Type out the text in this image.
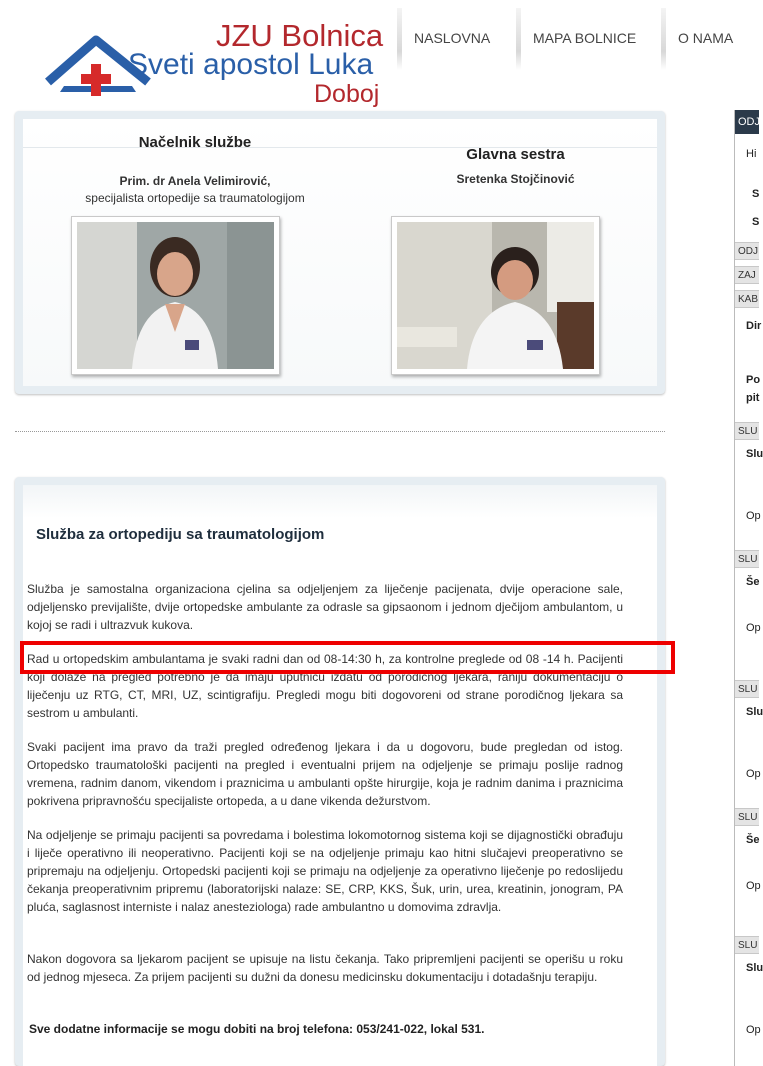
JZU Bolnica
Sveti apostol Luka
Doboj
NASLOVNA	MAPA BOLNICE	O NAMA
Načelnik službe
Prim. dr Anela Velimirović,
specijalista ortopedije sa traumatologijom
Glavna sestra
Sretenka Stojčinović
Služba za ortopediju sa traumatologijom
Služba je samostalna organizaciona cjelina sa odjeljenjem za liječenje pacijenata, dvije operacione sale, odjeljensko previjalište, dvije ortopedske ambulante za odrasle sa gipsaonom i jednom dječijom ambulantom, u kojoj se radi i ultrazvuk kukova.
Rad u ortopedskim ambulantama je svaki radni dan od 08-14:30 h, za kontrolne preglede od 08 -14 h. Pacijenti koji dolaze na pregled potrebno je da imaju uputnicu izdatu od porodičnog ljekara, raniju dokumentaciju o liječenju uz RTG, CT, MRI, UZ, scintigrafiju. Pregledi mogu biti dogovoreni od strane porodičnog ljekara sa sestrom u ambulanti.
Svaki pacijent ima pravo da traži pregled određenog ljekara i da u dogovoru, bude pregledan od istog. Ortopedsko traumatološki pacijenti na pregled i eventualni prijem na odjeljenje se primaju poslije radnog vremena, radnim danom, vikendom i praznicima u ambulanti opšte hirurgije, koja je radnim danima i praznicima pokrivena pripravnošću specijaliste ortopeda, a u dane vikenda dežurstvom.
Na odjeljenje se primaju pacijenti sa povredama i bolestima lokomotornog sistema koji se dijagnostički obrađuju i liječe operativno ili neoperativno. Pacijenti koji se na odjeljenje primaju kao hitni slučajevi preoperativno se pripremaju na odjeljenju. Ortopedski pacijenti koji se primaju na odjeljenje za operativno liječenje po redoslijedu čekanja preoperativnim pripremu (laboratorijski nalaze: SE, CRP, KKS, Šuk, urin, urea, kreatinin, jonogram, PA pluća, saglasnost interniste i nalaz anesteziologa) rade ambulantno u domovima zdravlja.
Nakon dogovora sa ljekarom pacijent se upisuje na listu čekanja. Tako pripremljeni pacijenti se operišu u roku od jednog mjeseca. Za prijem pacijenti su dužni da donesu medicinsku dokumentaciju i dotadašnju terapiju.
Sve dodatne informacije se mogu dobiti na broj telefona: 053/241-022, lokal 531.
ODJ
Hi
S
S
ODJ
ZAJ
KAB
Dir
Po
pit
SLU
Slu
Op
SLU
Še
Op
SLU
Slu
Op
SLU
Še
Op
SLU
Slu
Op
